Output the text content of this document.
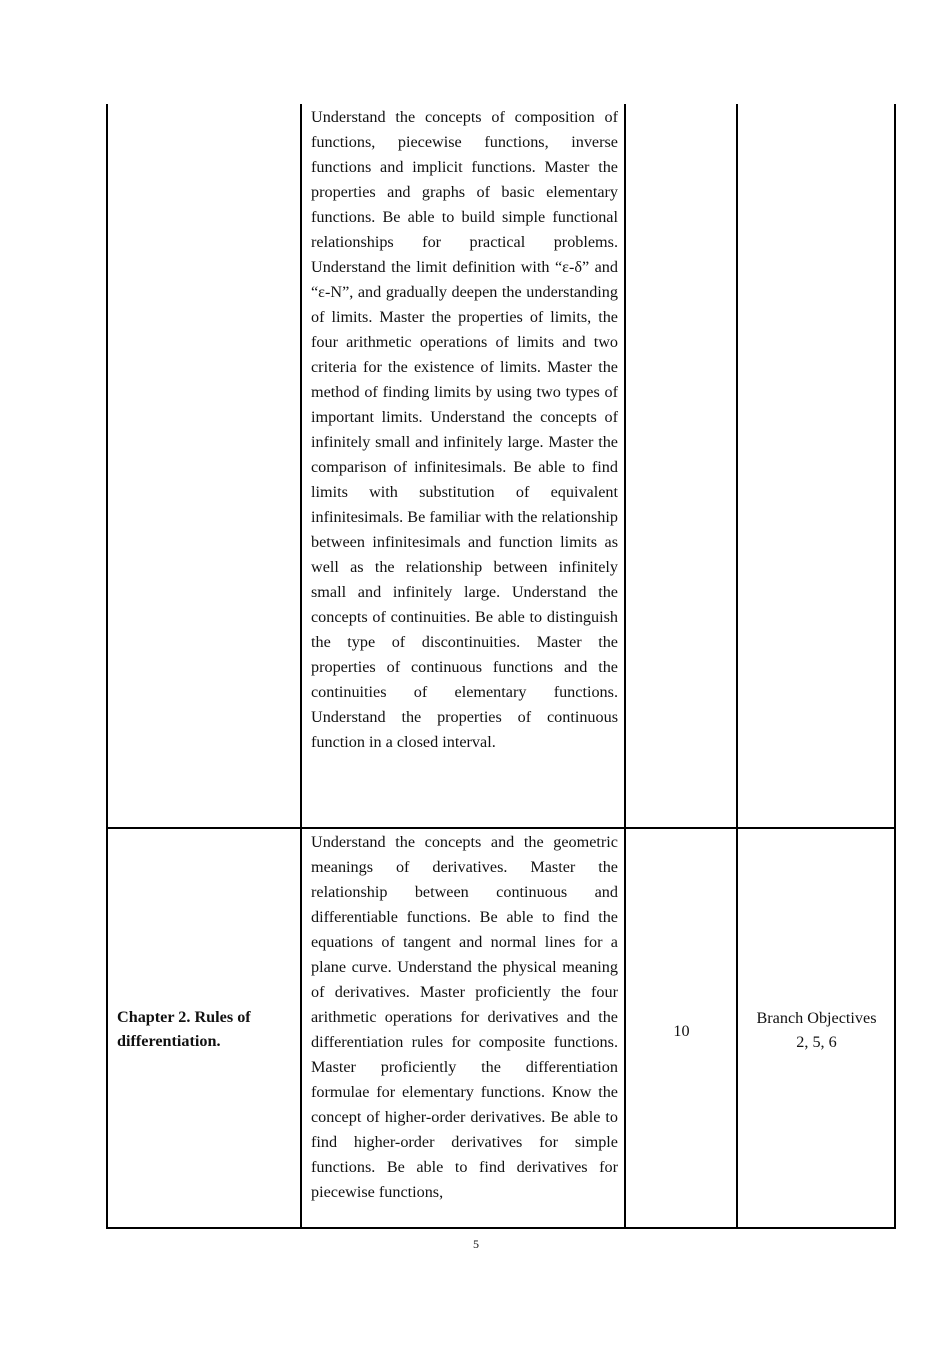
Understand the concepts of composition of functions, piecewise functions, inverse functions and implicit functions. Master the properties and graphs of basic elementary functions. Be able to build simple functional relationships for practical problems. Understand the limit definition with “ε-δ” and “ε-N”, and gradually deepen the understanding of limits. Master the properties of limits, the four arithmetic operations of limits and two criteria for the existence of limits. Master the method of finding limits by using two types of important limits. Understand the concepts of infinitely small and infinitely large. Master the comparison of infinitesimals. Be able to find limits with substitution of equivalent infinitesimals. Be familiar with the relationship between infinitesimals and function limits as well as the relationship between infinitely small and infinitely large. Understand the concepts of continuities. Be able to distinguish the type of discontinuities. Master the properties of continuous functions and the continuities of elementary functions. Understand the properties of continuous function in a closed interval.

Chapter 2. Rules of
differentiation.

Understand the concepts and the geometric meanings of derivatives. Master the relationship between continuous and differentiable functions. Be able to find the equations of tangent and normal lines for a plane curve. Understand the physical meaning of derivatives. Master proficiently the four arithmetic operations for derivatives and the differentiation rules for composite functions. Master proficiently the differentiation formulae for elementary functions. Know the concept of higher-order derivatives. Be able to find higher-order derivatives for simple functions. Be able to find derivatives for piecewise functions,

10
Branch Objectives
2, 5, 6
5
